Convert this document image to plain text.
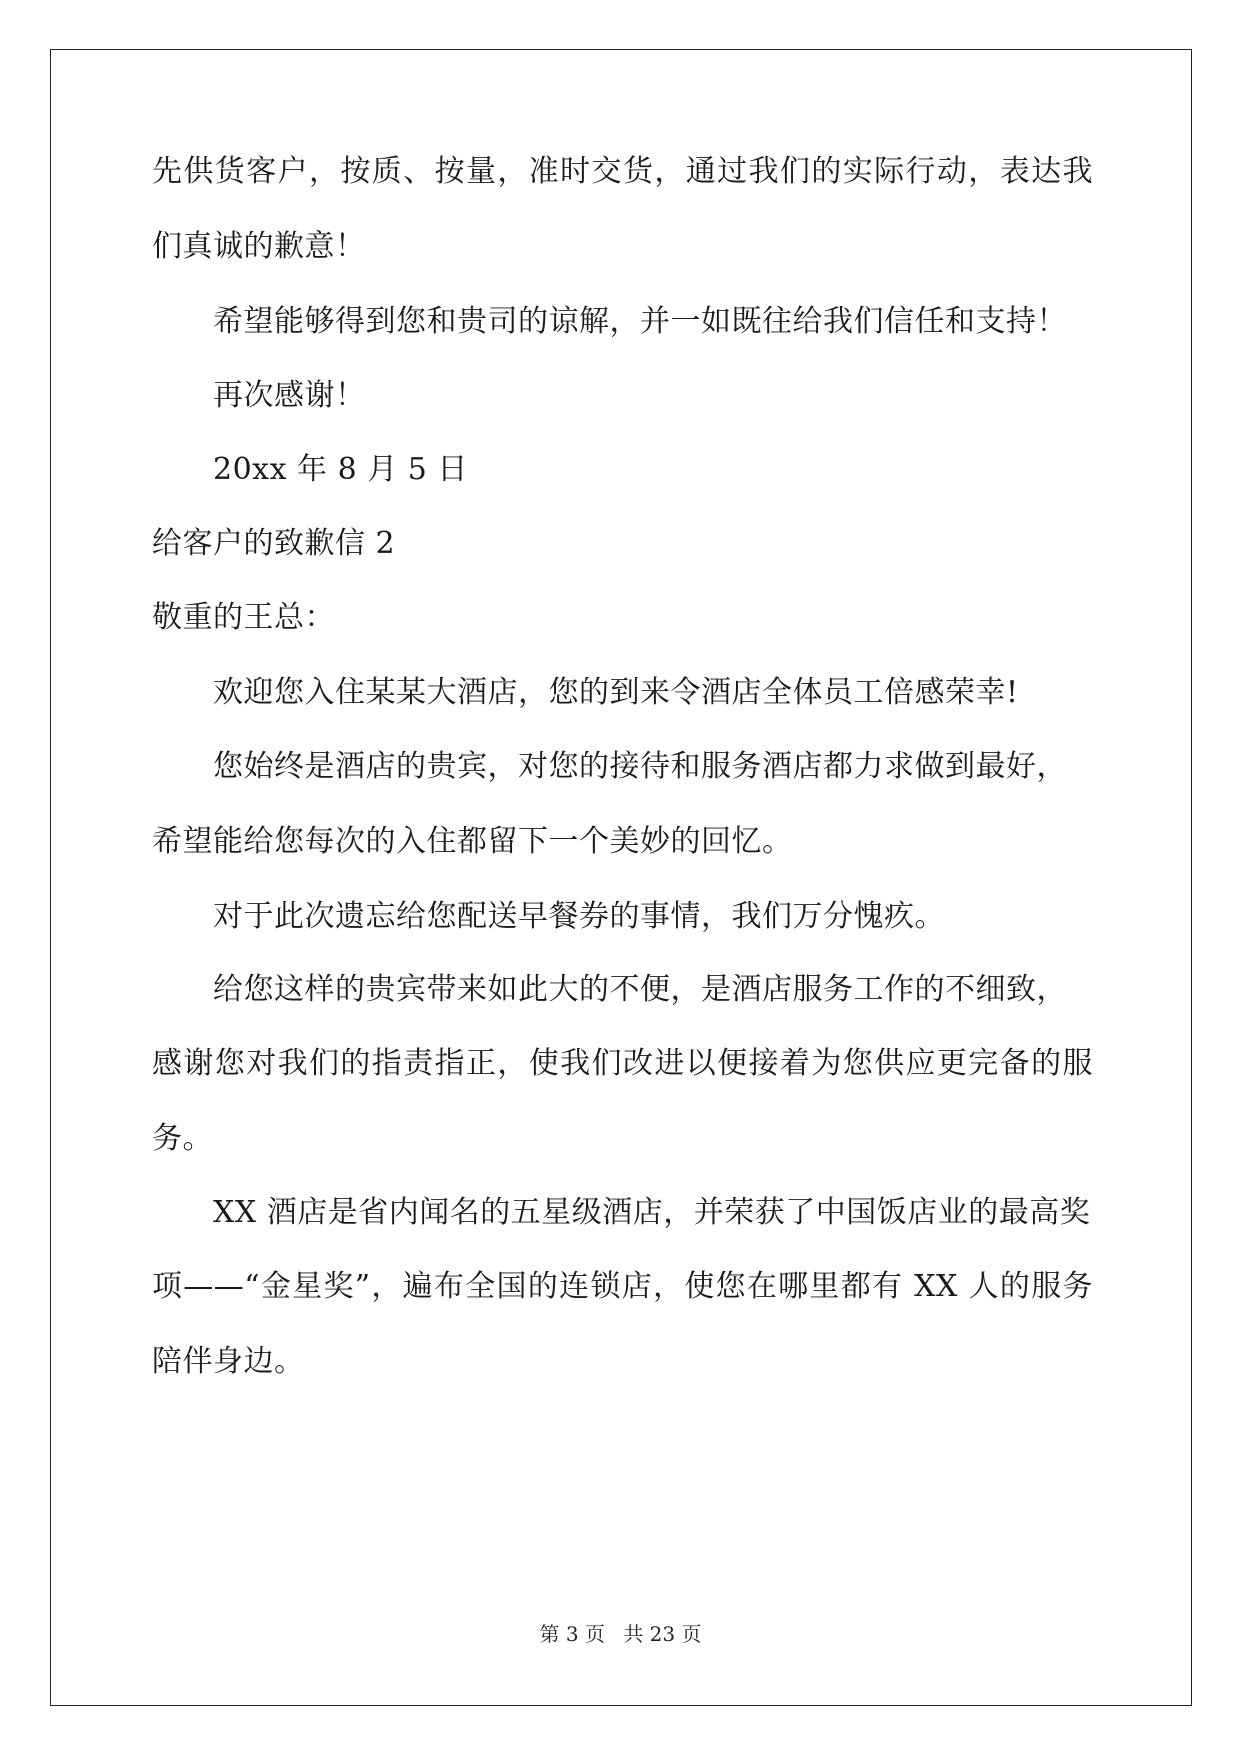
先供货客户，按质、按量，准时交货，通过我们的实际行动，表达我
们真诚的歉意！
希望能够得到您和贵司的谅解，并一如既往给我们信任和支持！
再次感谢！
20xx 年 8 月 5 日
给客户的致歉信 2
敬重的王总：
欢迎您入住某某大酒店，您的到来令酒店全体员工倍感荣幸!
您始终是酒店的贵宾，对您的接待和服务酒店都力求做到最好，
希望能给您每次的入住都留下一个美妙的回忆。
对于此次遗忘给您配送早餐券的事情，我们万分愧疚。
给您这样的贵宾带来如此大的不便，是酒店服务工作的不细致，
感谢您对我们的指责指正，使我们改进以便接着为您供应更完备的服
务。
XX 酒店是省内闻名的五星级酒店，并荣获了中国饭店业的最高奖
项——“金星奖”，遍布全国的连锁店，使您在哪里都有 XX 人的服务
陪伴身边。
第 3 页 共 23 页
